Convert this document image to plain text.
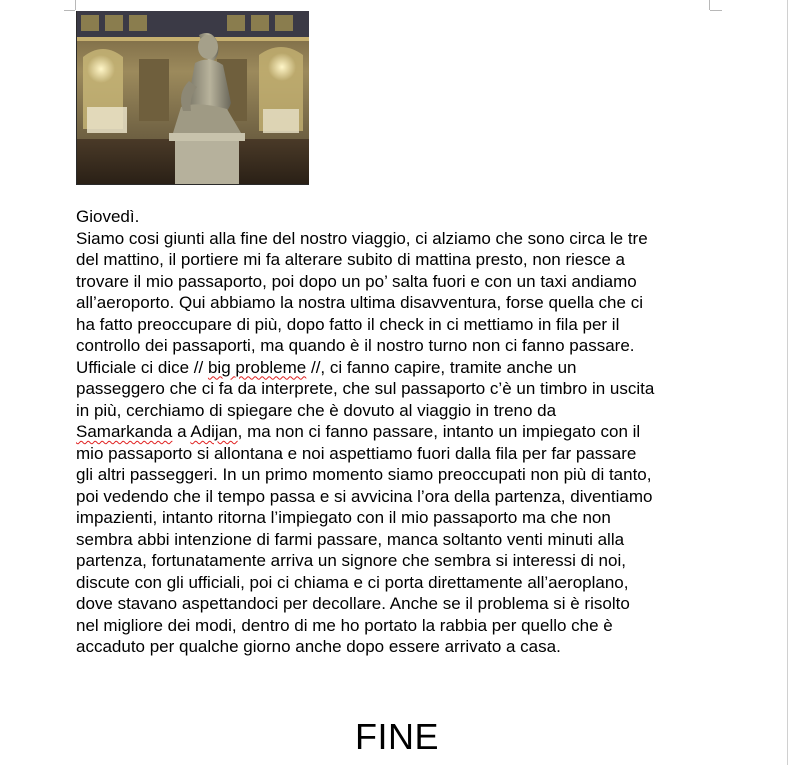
Giovedì.
Siamo cosi giunti alla fine del nostro viaggio, ci alziamo che sono circa le tre
del mattino, il portiere mi fa alterare subito di mattina presto, non riesce a
trovare il mio passaporto, poi dopo un po’ salta fuori e con un taxi andiamo
all’aeroporto. Qui abbiamo la nostra ultima disavventura, forse quella che ci
ha fatto preoccupare di più, dopo fatto il check in ci mettiamo in fila per il
controllo dei passaporti, ma quando è il nostro turno non ci fanno passare.
Ufficiale ci dice // big probleme //, ci fanno capire, tramite anche un
passeggero che ci fa da interprete, che sul passaporto c’è un timbro in uscita
in più, cerchiamo di spiegare che è dovuto al viaggio in treno da
Samarkanda a Adijan, ma non ci fanno passare, intanto un impiegato con il
mio passaporto si allontana e noi aspettiamo fuori dalla fila per far passare
gli altri passeggeri. In un primo momento siamo preoccupati non più di tanto,
poi vedendo che il tempo passa e si avvicina l’ora della partenza, diventiamo
impazienti, intanto ritorna l’impiegato con il mio passaporto ma che non
sembra abbi intenzione di farmi passare, manca soltanto venti minuti alla
partenza, fortunatamente arriva un signore che sembra si interessi di noi,
discute con gli ufficiali, poi ci chiama e ci porta direttamente all’aeroplano,
dove stavano aspettandoci per decollare. Anche se il problema si è risolto
nel migliore dei modi, dentro di me ho portato la rabbia per quello che è
accaduto per qualche giorno anche dopo essere arrivato a casa.
FINE
